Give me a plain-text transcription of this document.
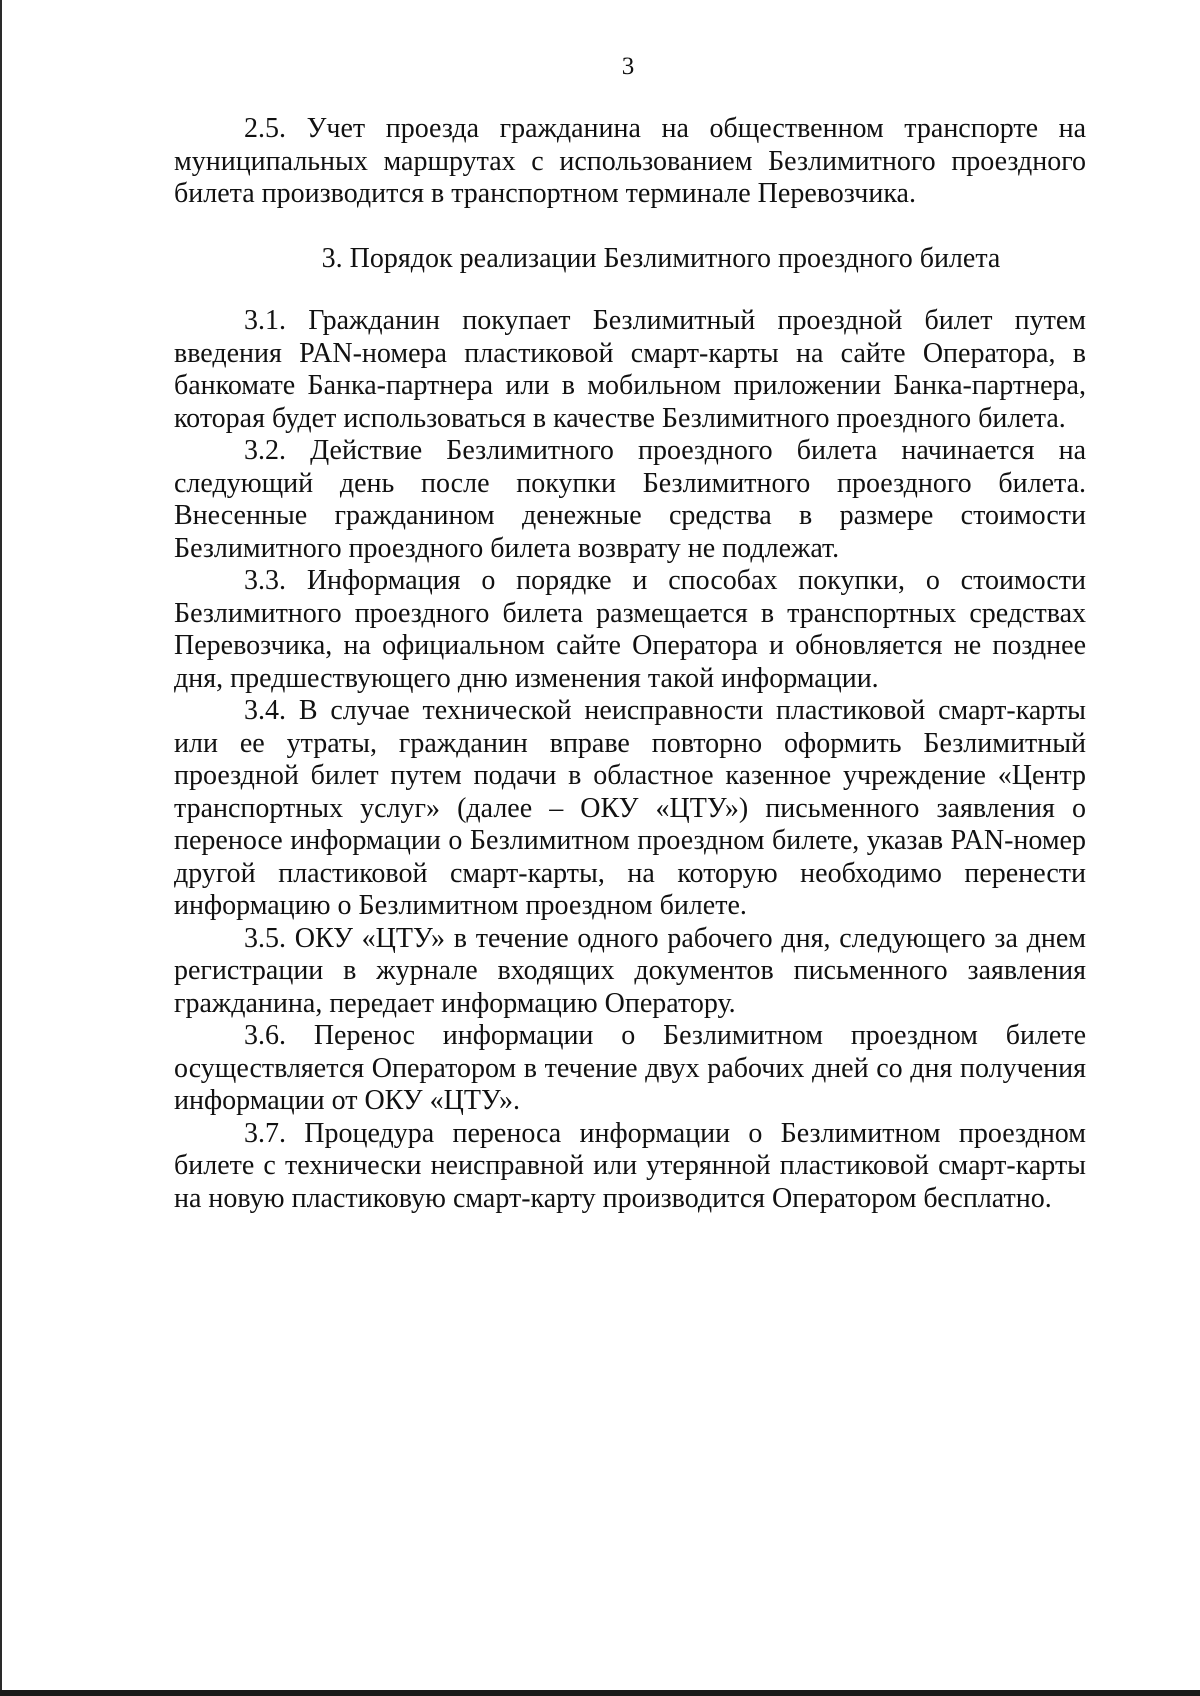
3

2.5. Учет проезда гражданина на общественном транспорте на муниципальных маршрутах с использованием Безлимитного проездного билета производится в транспортном терминале Перевозчика.

3. Порядок реализации Безлимитного проездного билета

3.1. Гражданин покупает Безлимитный проездной билет путем введения PAN-номера пластиковой смарт-карты на сайте Оператора, в банкомате Банка-партнера или в мобильном приложении Банка-партнера, которая будет использоваться в качестве Безлимитного проездного билета.

3.2. Действие Безлимитного проездного билета начинается на следующий день после покупки Безлимитного проездного билета. Внесенные гражданином денежные средства в размере стоимости Безлимитного проездного билета возврату не подлежат.

3.3. Информация о порядке и способах покупки, о стоимости Безлимитного проездного билета размещается в транспортных средствах Перевозчика, на официальном сайте Оператора и обновляется не позднее дня, предшествующего дню изменения такой информации.

3.4. В случае технической неисправности пластиковой смарт-карты или ее утраты, гражданин вправе повторно оформить Безлимитный проездной билет путем подачи в областное казенное учреждение «Центр транспортных услуг» (далее – ОКУ «ЦТУ») письменного заявления о переносе информации о Безлимитном проездном билете, указав PAN-номер другой пластиковой смарт-карты, на которую необходимо перенести информацию о Безлимитном проездном билете.

3.5. ОКУ «ЦТУ» в течение одного рабочего дня, следующего за днем регистрации в журнале входящих документов письменного заявления гражданина, передает информацию Оператору.

3.6. Перенос информации о Безлимитном проездном билете осуществляется Оператором в течение двух рабочих дней со дня получения информации от ОКУ «ЦТУ».

3.7. Процедура переноса информации о Безлимитном проездном билете с технически неисправной или утерянной пластиковой смарт-карты на новую пластиковую смарт-карту производится Оператором бесплатно.
